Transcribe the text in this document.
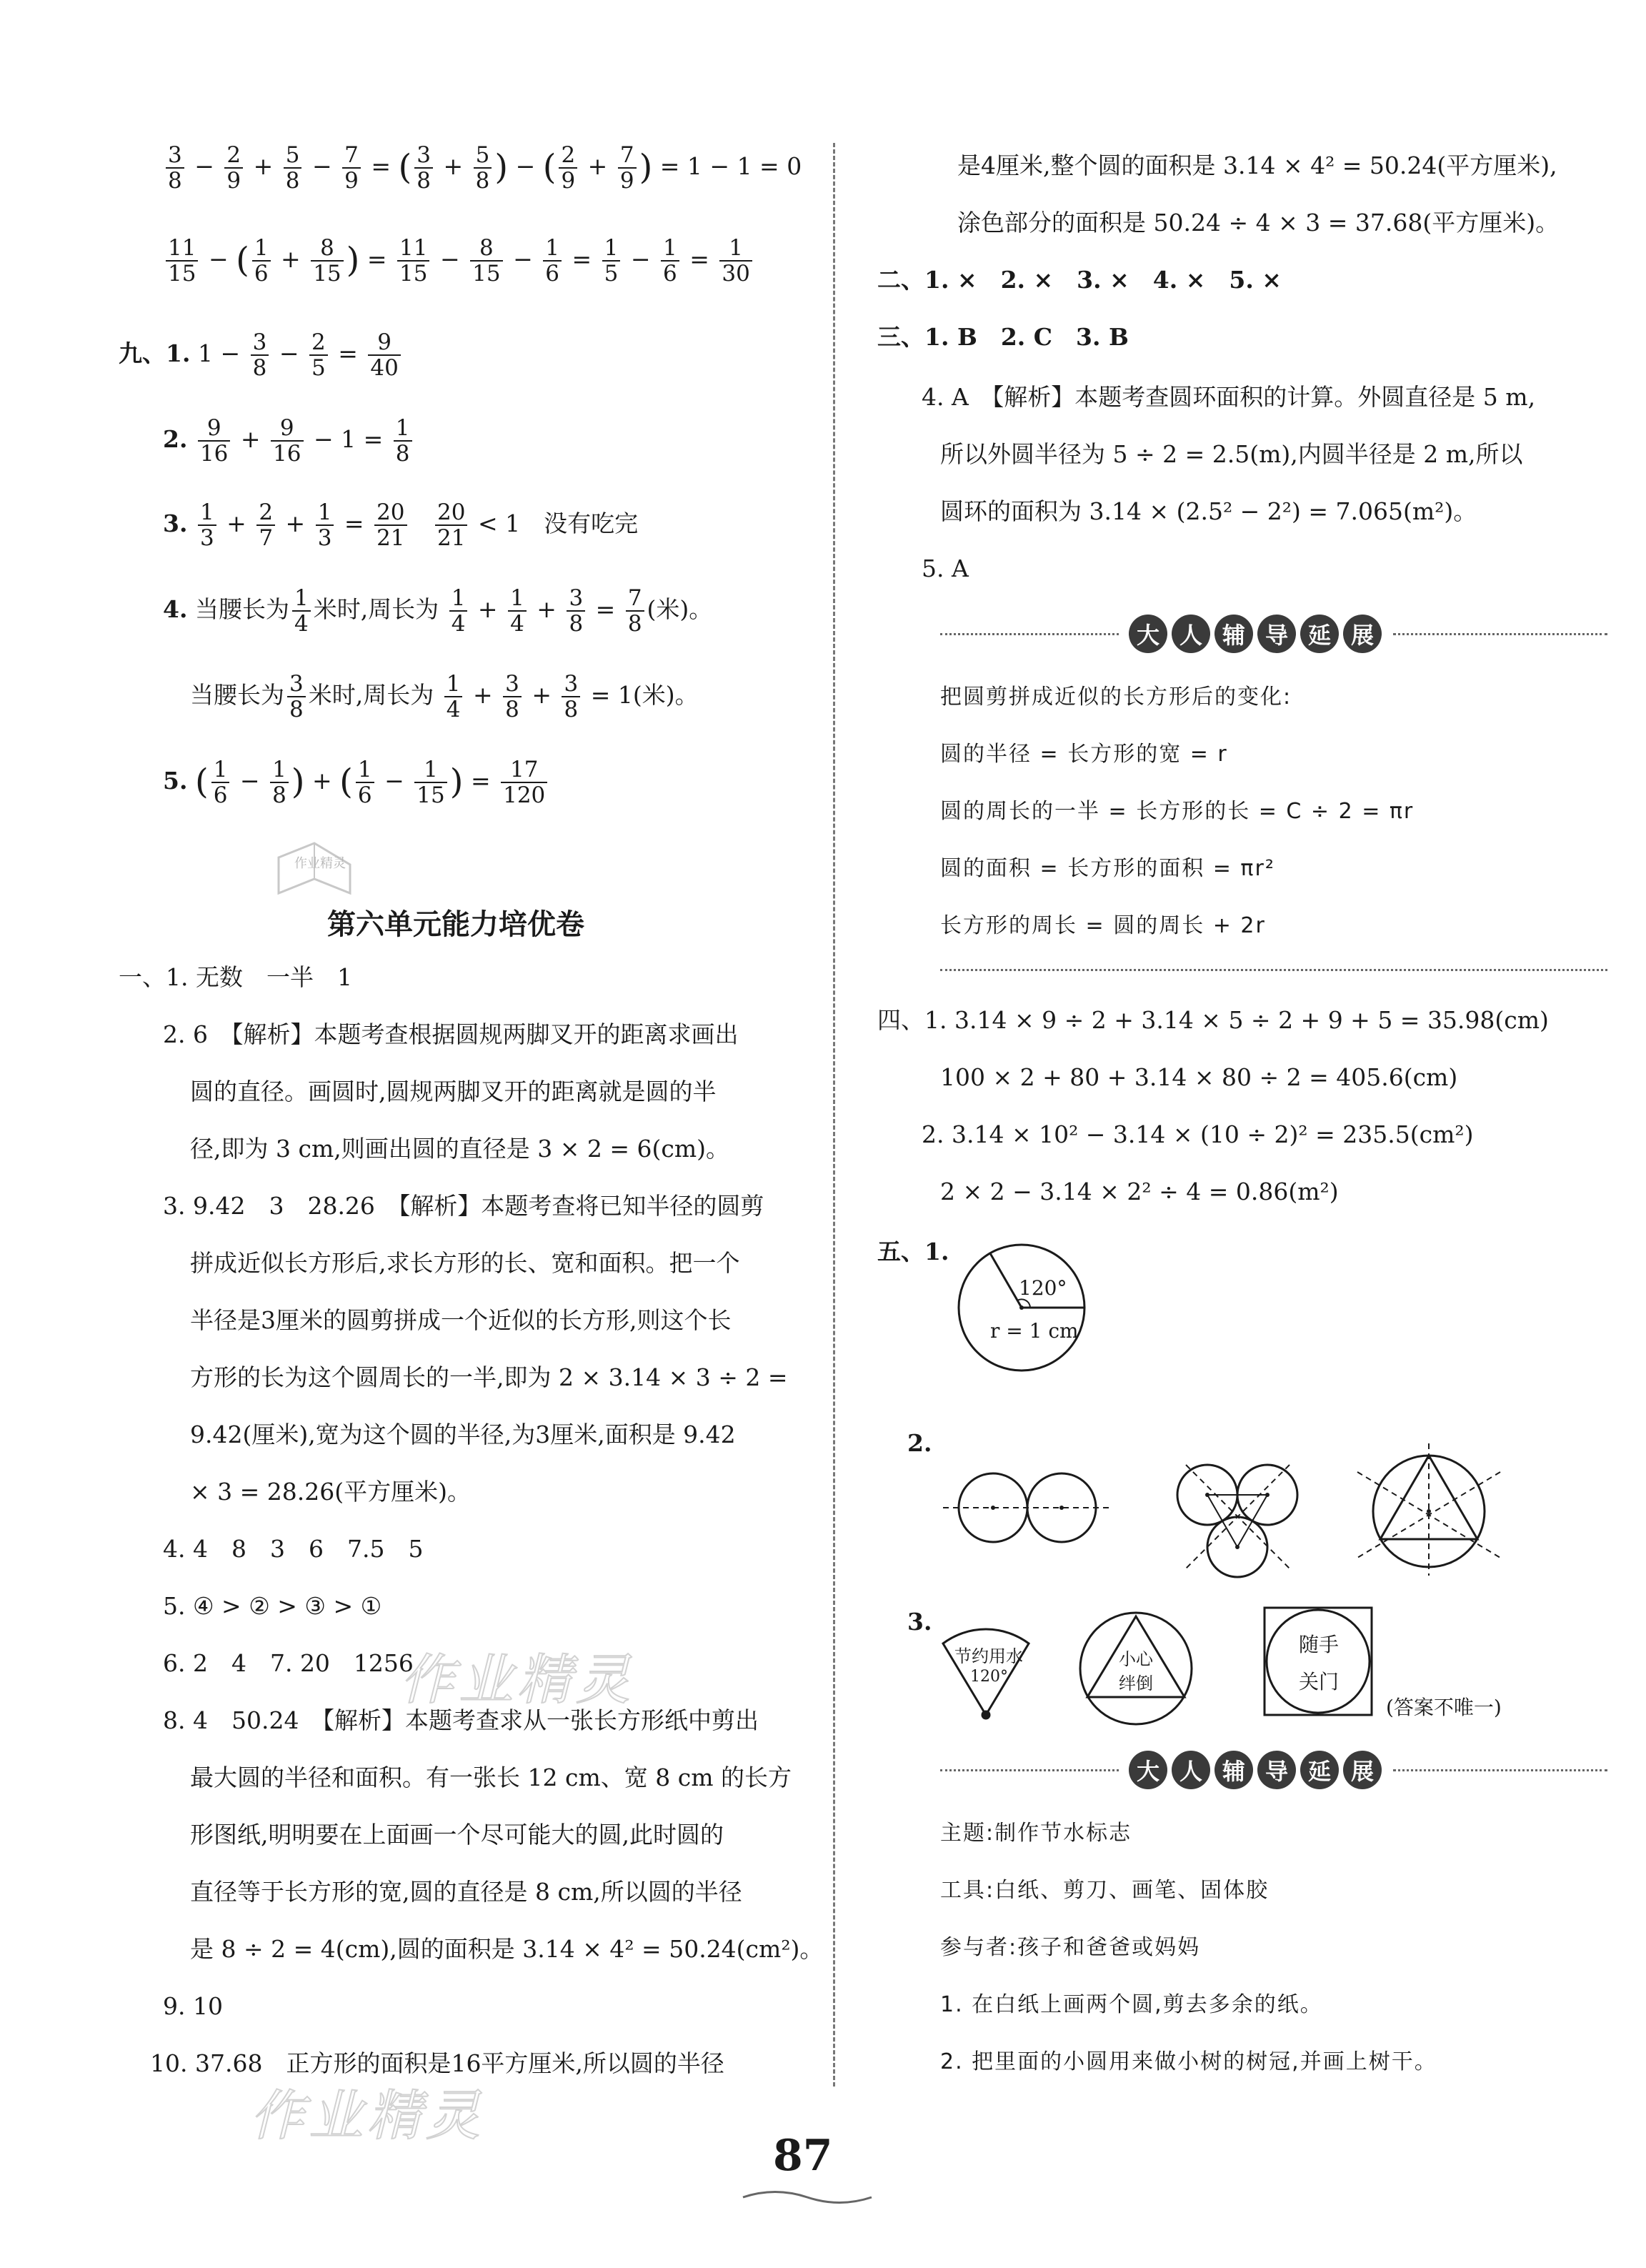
$\frac{3}{8} - \frac{2}{9} + \frac{5}{8} - \frac{7}{9}$ = ( $\frac{3}{8} + \frac{5}{8}$ ) − ( $\frac{2}{9} + \frac{7}{9}$ ) = 1 − 1 = 0
$\frac{11}{15}$ − ( $\frac{1}{6} + \frac{8}{15}$ ) = $\frac{11}{15} - \frac{8}{15} - \frac{1}{6} = \frac{1}{5} - \frac{1}{6} = \frac{1}{30}$
九、1. $1 - \frac{3}{8} - \frac{2}{5} = \frac{9}{40}$
2. $\frac{9}{16} + \frac{9}{16} - 1 = \frac{1}{8}$
3. $\frac{1}{3} + \frac{2}{7} + \frac{1}{3} = \frac{20}{21}$
$\frac{20}{21} < 1$　没有吃完
4. 当腰长为 $\frac{1}{4}$ 米时,周长为 $\frac{1}{4} + \frac{1}{4} + \frac{3}{8} = \frac{7}{8}$ (米)。
当腰长为 $\frac{3}{8}$ 米时,周长为 $\frac{1}{4} + \frac{3}{8} + \frac{3}{8} = 1$(米)。
5. ( $\frac{1}{6} - \frac{1}{8}$ ) + ( $\frac{1}{6} - \frac{1}{15}$ ) = $\frac{17}{120}$
作业精灵
第六单元能力培优卷
一、1. 无数　一半　1
2. 6　【解析】本题考查根据圆规两脚叉开的距离求画出
圆的直径。画圆时,圆规两脚叉开的距离就是圆的半
径,即为 3 cm,则画出圆的直径是 3 × 2 = 6(cm)。
3. 9.42　3　28.26　【解析】本题考查将已知半径的圆剪
拼成近似长方形后,求长方形的长、宽和面积。把一个
半径是3厘米的圆剪拼成一个近似的长方形,则这个长
方形的长为这个圆周长的一半,即为 2 × 3.14 × 3 ÷ 2 =
9.42(厘米),宽为这个圆的半径,为3厘米,面积是 9.42
× 3 = 28.26(平方厘米)。
4. 4　8　3　6　7.5　5
5. ④ > ② > ③ > ①
6. 2　4　7. 20　1256
8. 4　50.24　【解析】本题考查求从一张长方形纸中剪出
最大圆的半径和面积。有一张长 12 cm、宽 8 cm 的长方
形图纸,明明要在上面画一个尽可能大的圆,此时圆的
直径等于长方形的宽,圆的直径是 8 cm,所以圆的半径
是 8 ÷ 2 = 4(cm),圆的面积是 3.14 × 4² = 50.24(cm²)。
9. 10
10. 37.68　正方形的面积是16平方厘米,所以圆的半径
作业精灵
作业精灵
是4厘米,整个圆的面积是 3.14 × 4² = 50.24(平方厘米),
涂色部分的面积是 50.24 ÷ 4 × 3 = 37.68(平方厘米)。
二、1. ×　2. ×　3. ×　4. ×　5. ×
三、1. B　2. C　3. B
4. A　【解析】本题考查圆环面积的计算。外圆直径是 5 m,
所以外圆半径为 5 ÷ 2 = 2.5(m),内圆半径是 2 m,所以
圆环的面积为 3.14 × (2.5² − 2²) = 7.065(m²)。
5. A
大 人 辅 导 延 展
把圆剪拼成近似的长方形后的变化:
圆的半径 = 长方形的宽 = r
圆的周长的一半 = 长方形的长 = C ÷ 2 = πr
圆的面积 = 长方形的面积 = πr²
长方形的周长 = 圆的周长 + 2r
四、1. 3.14 × 9 ÷ 2 + 3.14 × 5 ÷ 2 + 9 + 5 = 35.98(cm)
100 × 2 + 80 + 3.14 × 80 ÷ 2 = 405.6(cm)
2. 3.14 × 10² − 3.14 × (10 ÷ 2)² = 235.5(cm²)
2 × 2 − 3.14 × 2² ÷ 4 = 0.86(m²)
五、1.
120°
r = 1 cm
2.
3.
节约用水
120°
小心
绊倒
随手
关门
(答案不唯一)
大 人 辅 导 延 展
主题:制作节水标志
工具:白纸、剪刀、画笔、固体胶
参与者:孩子和爸爸或妈妈
1. 在白纸上画两个圆,剪去多余的纸。
2. 把里面的小圆用来做小树的树冠,并画上树干。
87
